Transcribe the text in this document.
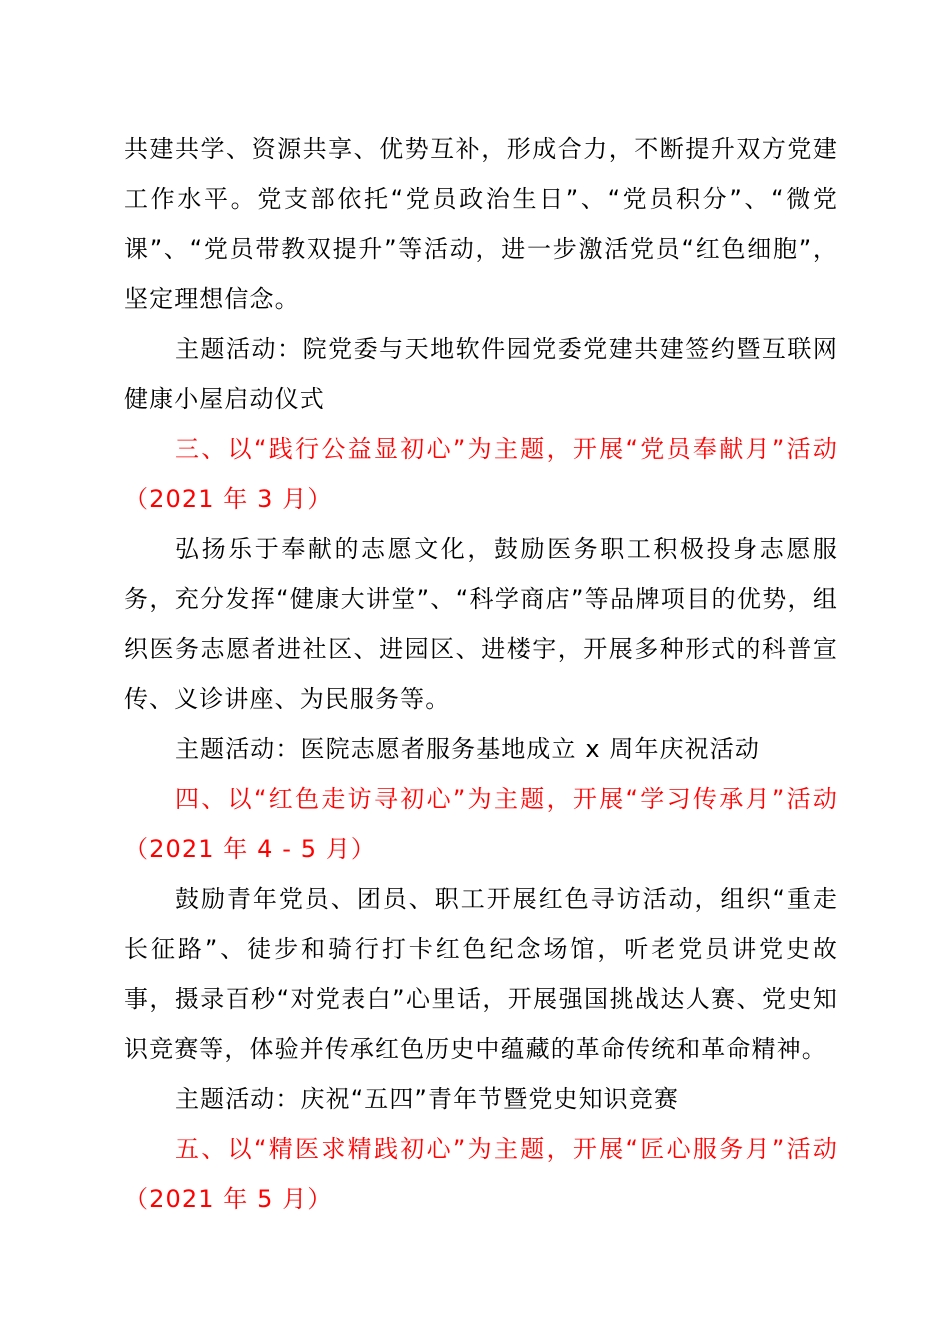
共建共学、资源共享、优势互补，形成合力，不断提升双方党建工作水平。党支部依托“党员政治生日”、“党员积分”、“微党课”、“党员带教双提升”等活动，进一步激活党员“红色细胞”，坚定理想信念。

主题活动：院党委与天地软件园党委党建共建签约暨互联网健康小屋启动仪式

三、以“践行公益显初心”为主题，开展“党员奉献月”活动（2021 年 3 月）

弘扬乐于奉献的志愿文化，鼓励医务职工积极投身志愿服务，充分发挥“健康大讲堂”、“科学商店”等品牌项目的优势，组织医务志愿者进社区、进园区、进楼宇，开展多种形式的科普宣传、义诊讲座、为民服务等。

主题活动：医院志愿者服务基地成立 x 周年庆祝活动

四、以“红色走访寻初心”为主题，开展“学习传承月”活动（2021 年 4 - 5 月）

鼓励青年党员、团员、职工开展红色寻访活动，组织“重走长征路”、徒步和骑行打卡红色纪念场馆，听老党员讲党史故事，摄录百秒“对党表白”心里话，开展强国挑战达人赛、党史知识竞赛等，体验并传承红色历史中蕴藏的革命传统和革命精神。

主题活动：庆祝“五四”青年节暨党史知识竞赛

五、以“精医求精践初心”为主题，开展“匠心服务月”活动（2021 年 5 月）
